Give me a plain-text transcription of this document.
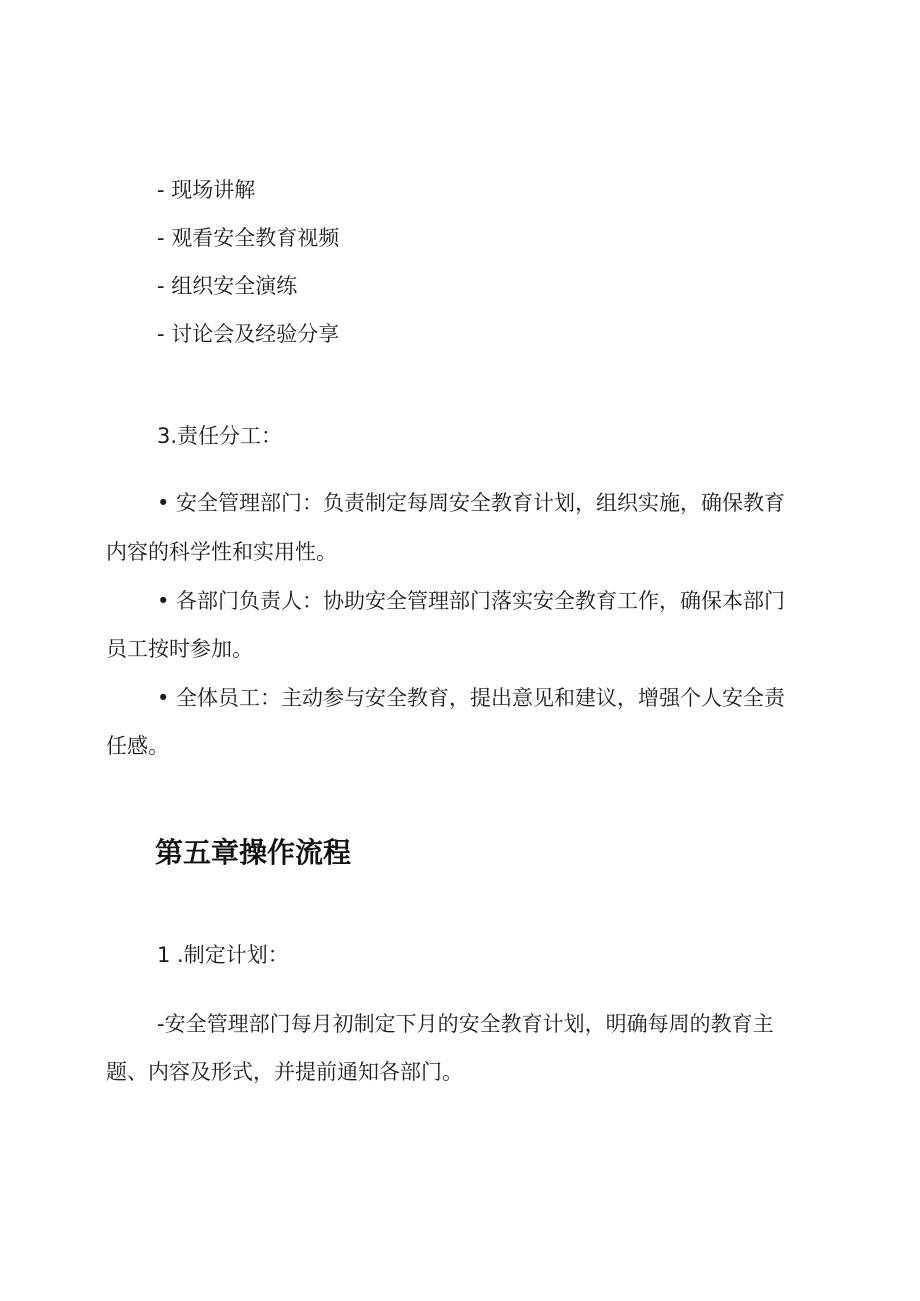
- 现场讲解
- 观看安全教育视频
- 组织安全演练
- 讨论会及经验分享
3.责任分工：
• 安全管理部门：负责制定每周安全教育计划，组织实施，确保教育
内容的科学性和实用性。
• 各部门负责人：协助安全管理部门落实安全教育工作，确保本部门
员工按时参加。
• 全体员工：主动参与安全教育，提出意见和建议，增强个人安全责
任感。
第五章操作流程
1 .制定计划：
-安全管理部门每月初制定下月的安全教育计划，明确每周的教育主
题、内容及形式，并提前通知各部门。
